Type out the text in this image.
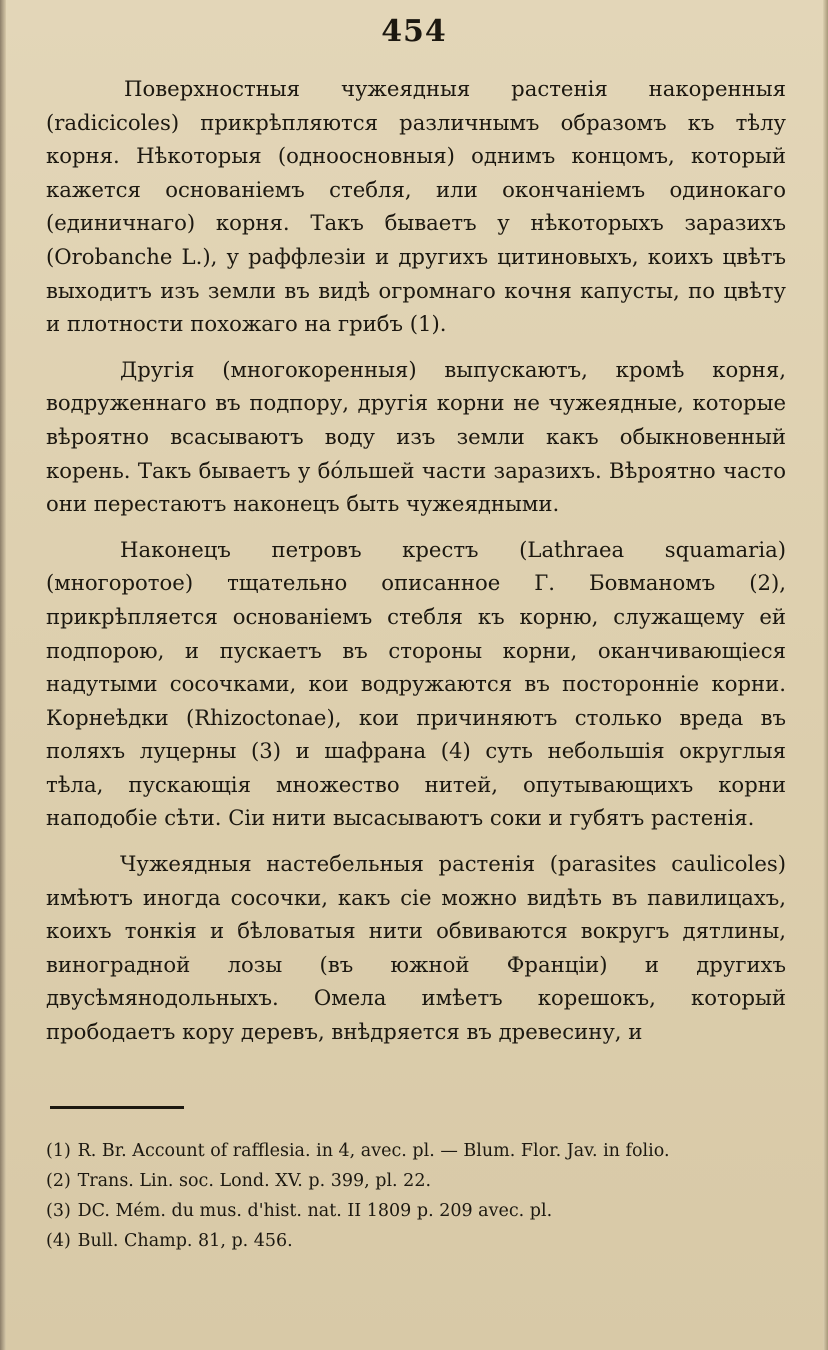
454

Поверхностныя чужеядныя растенія накоренныя (radicicoles) прикрѣпляются различнымъ образомъ къ тѣлу корня. Нѣкоторыя (одноосновныя) однимъ концомъ, который кажется основаніемъ стебля, или окончаніемъ одинокаго (единичнаго) корня. Такъ бываетъ у нѣкоторыхъ заразихъ (Orobanche L.), у раффлезіи и другихъ цитиновыхъ, коихъ цвѣтъ выходитъ изъ земли въ видѣ огромнаго кочня капусты, по цвѣту и плотности похожаго на грибъ (1).

Другія (многокоренныя) выпускаютъ, кромѣ корня, водруженнаго въ подпору, другія корни не чужеядные, которые вѣроятно всасываютъ воду изъ земли какъ обыкновенный корень. Такъ бываетъ у бо́льшей части заразихъ. Вѣроятно часто они перестаютъ наконецъ быть чужеядными.

Наконецъ петровъ крестъ (Lathraea squamaria) (многоротое) тщательно описанное Г. Бовманомъ (2), прикрѣпляется основаніемъ стебля къ корню, служащему ей подпорою, и пускаетъ въ стороны корни, оканчивающіеся надутыми сосочками, кои водружаются въ посторонніе корни. Корнеѣдки (Rhizoctonae), кои причиняютъ столько вреда въ поляхъ луцерны (3) и шафрана (4) суть небольшія округлыя тѣла, пускающія множество нитей, опутывающихъ корни наподобіе сѣти. Сіи нити высасываютъ соки и губятъ растенія.

Чужеядныя настебельныя растенія (parasites caulicoles) имѣютъ иногда сосочки, какъ сіе можно видѣть въ павилицахъ, коихъ тонкія и бѣловатыя нити обвиваются вокругъ дятлины, виноградной лозы (въ южной Франціи) и другихъ двусѣмянодольныхъ. Омела имѣетъ корешокъ, который прободаетъ кору деревъ, внѣдряется въ древесину, и

(1) R. Br. Account of rafflesia. in 4, avec. pl. — Blum. Flor. Jav. in folio.

(2) Trans. Lin. soc. Lond. XV. p. 399, pl. 22.

(3) DC. Mém. du mus. d'hist. nat. II 1809 p. 209 avec. pl.

(4) Bull. Champ. 81, p. 456.
